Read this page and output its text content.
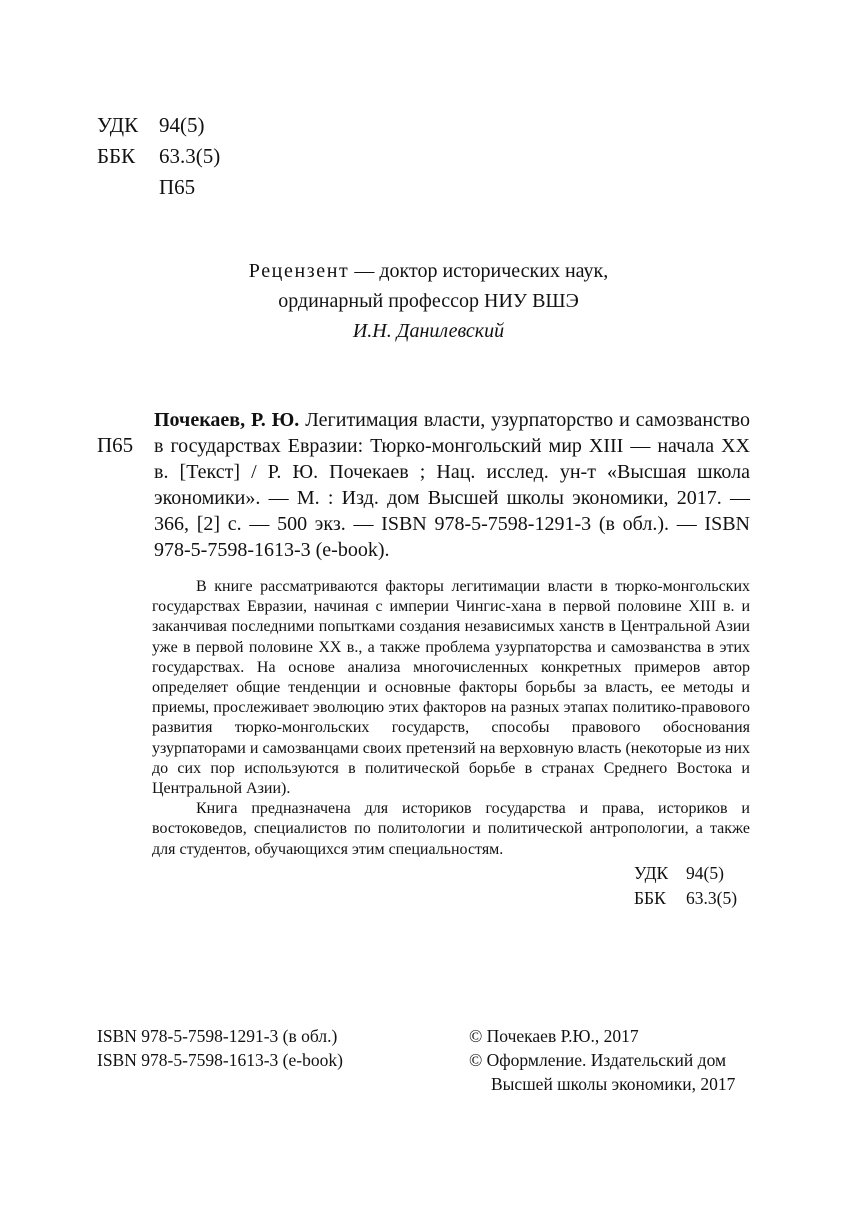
УДК 94(5)
ББК 63.3(5)
П65
Рецензент — доктор исторических наук,
ординарный профессор НИУ ВШЭ
И.Н. Данилевский
П65
Почекаев, Р. Ю. Легитимация власти, узурпаторство и самозванство в государствах Евразии: Тюрко-монгольский мир XIII — начала XX в. [Текст] / Р. Ю. Почекаев ; Нац. исслед. ун-т «Высшая школа экономики». — М. : Изд. дом Высшей школы экономики, 2017. — 366, [2] с. — 500 экз. — ISBN 978-5-7598-1291-3 (в обл.). — ISBN 978-5-7598-1613-3 (e-book).

В книге рассматриваются факторы легитимации власти в тюрко-монгольских государствах Евразии, начиная с империи Чингис-хана в первой половине XIII в. и заканчивая последними попытками создания независимых ханств в Центральной Азии уже в первой половине XX в., а также проблема узурпаторства и самозванства в этих государствах. На основе анализа многочисленных конкретных примеров автор определяет общие тенденции и основные факторы борьбы за власть, ее методы и приемы, прослеживает эволюцию этих факторов на разных этапах политико-правового развития тюрко-монгольских государств, способы правового обоснования узурпаторами и самозванцами своих претензий на верховную власть (некоторые из них до сих пор используются в политической борьбе в странах Среднего Востока и Центральной Азии).

Книга предназначена для историков государства и права, историков и востоковедов, специалистов по политологии и политической антропологии, а также для студентов, обучающихся этим специальностям.

УДК 94(5)
ББК 63.3(5)
ISBN 978-5-7598-1291-3 (в обл.)
ISBN 978-5-7598-1613-3 (e-book)
© Почекаев Р.Ю., 2017
© Оформление. Издательский дом
Высшей школы экономики, 2017
